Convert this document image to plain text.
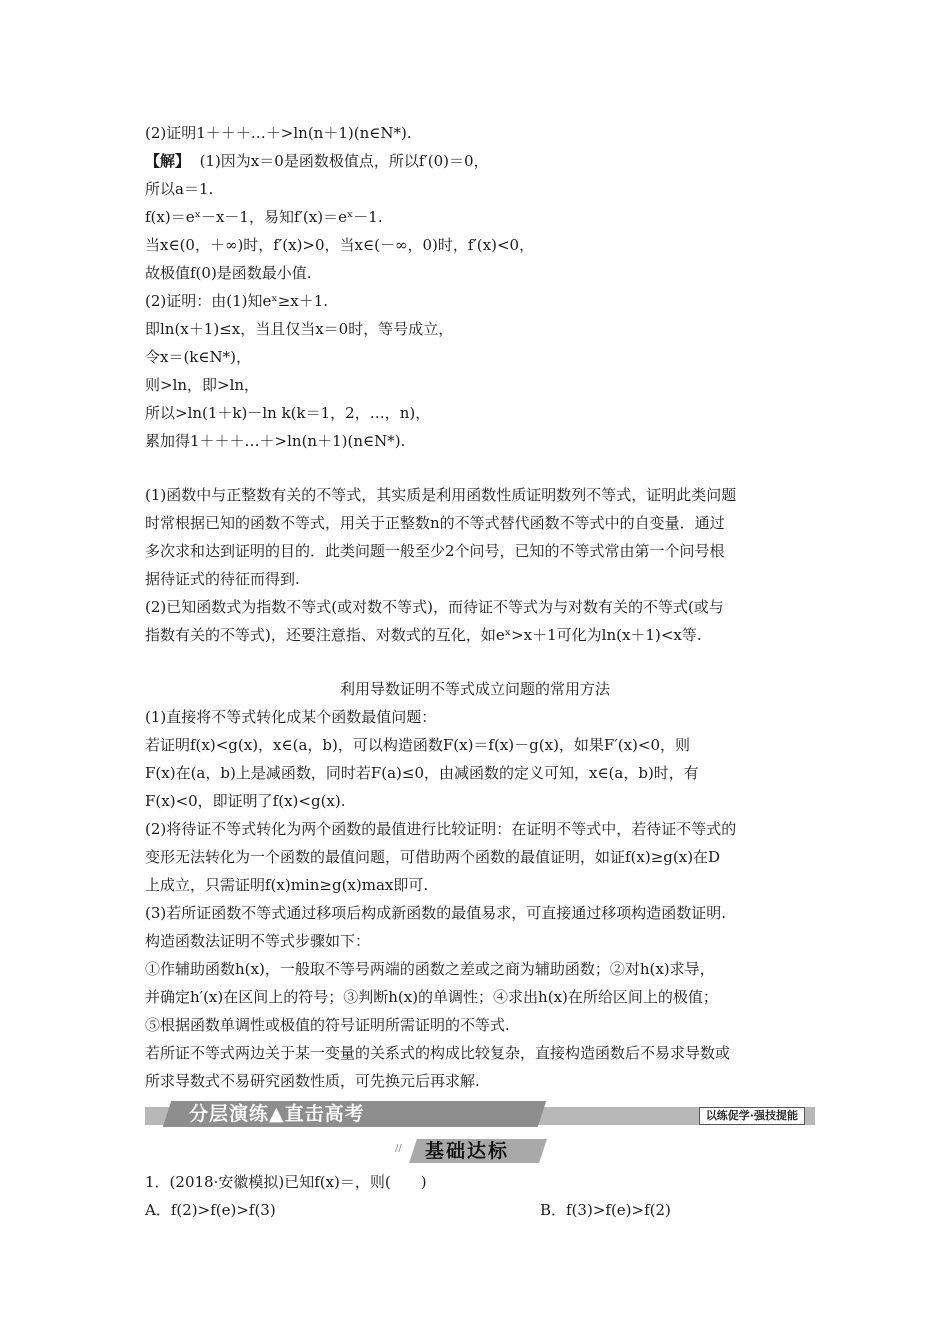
(2)证明1＋＋＋…＋>ln(n＋1)(n∈N*).
【解】 (1)因为x＝0是函数极值点，所以f′(0)＝0，
所以a＝1.
f(x)＝eˣ－x－1，易知f′(x)＝eˣ－1.
当x∈(0，＋∞)时，f′(x)>0，当x∈(－∞，0)时，f′(x)<0，
故极值f(0)是函数最小值.
(2)证明：由(1)知eˣ≥x＋1.
即ln(x＋1)≤x，当且仅当x＝0时，等号成立，
令x＝(k∈N*)，
则>ln，即>ln，
所以>ln(1＋k)－ln k(k＝1，2，…，n)，
累加得1＋＋＋…＋>ln(n＋1)(n∈N*).
(1)函数中与正整数有关的不等式，其实质是利用函数性质证明数列不等式，证明此类问题
时常根据已知的函数不等式，用关于正整数n的不等式替代函数不等式中的自变量．通过
多次求和达到证明的目的．此类问题一般至少2个问号，已知的不等式常由第一个问号根
据待证式的待征而得到.
(2)已知函数式为指数不等式(或对数不等式)，而待证不等式为与对数有关的不等式(或与
指数有关的不等式)，还要注意指、对数式的互化，如eˣ>x＋1可化为ln(x＋1)<x等.
利用导数证明不等式成立问题的常用方法
(1)直接将不等式转化成某个函数最值问题：
若证明f(x)<g(x)，x∈(a，b)，可以构造函数F(x)＝f(x)－g(x)，如果F′(x)<0，则
F(x)在(a，b)上是减函数，同时若F(a)≤0，由减函数的定义可知，x∈(a，b)时，有
F(x)<0，即证明了f(x)<g(x).
(2)将待证不等式转化为两个函数的最值进行比较证明：在证明不等式中，若待证不等式的
变形无法转化为一个函数的最值问题，可借助两个函数的最值证明，如证f(x)≥g(x)在D
上成立，只需证明f(x)min≥g(x)max即可.
(3)若所证函数不等式通过移项后构成新函数的最值易求，可直接通过移项构造函数证明.
构造函数法证明不等式步骤如下：
①作辅助函数h(x)，一般取不等号两端的函数之差或之商为辅助函数；②对h(x)求导，
并确定h′(x)在区间上的符号；③判断h(x)的单调性；④求出h(x)在所给区间上的极值；
⑤根据函数单调性或极值的符号证明所需证明的不等式.
若所证不等式两边关于某一变量的关系式的构成比较复杂，直接构造函数后不易求导数或
所求导数式不易研究函数性质，可先换元后再求解.
分层演练▲直击高考	以练促学·强技提能
// 基础达标
1．(2018·安徽模拟)已知f(x)＝，则(　　)
A．f(2)>f(e)>f(3)	B．f(3)>f(e)>f(2)
